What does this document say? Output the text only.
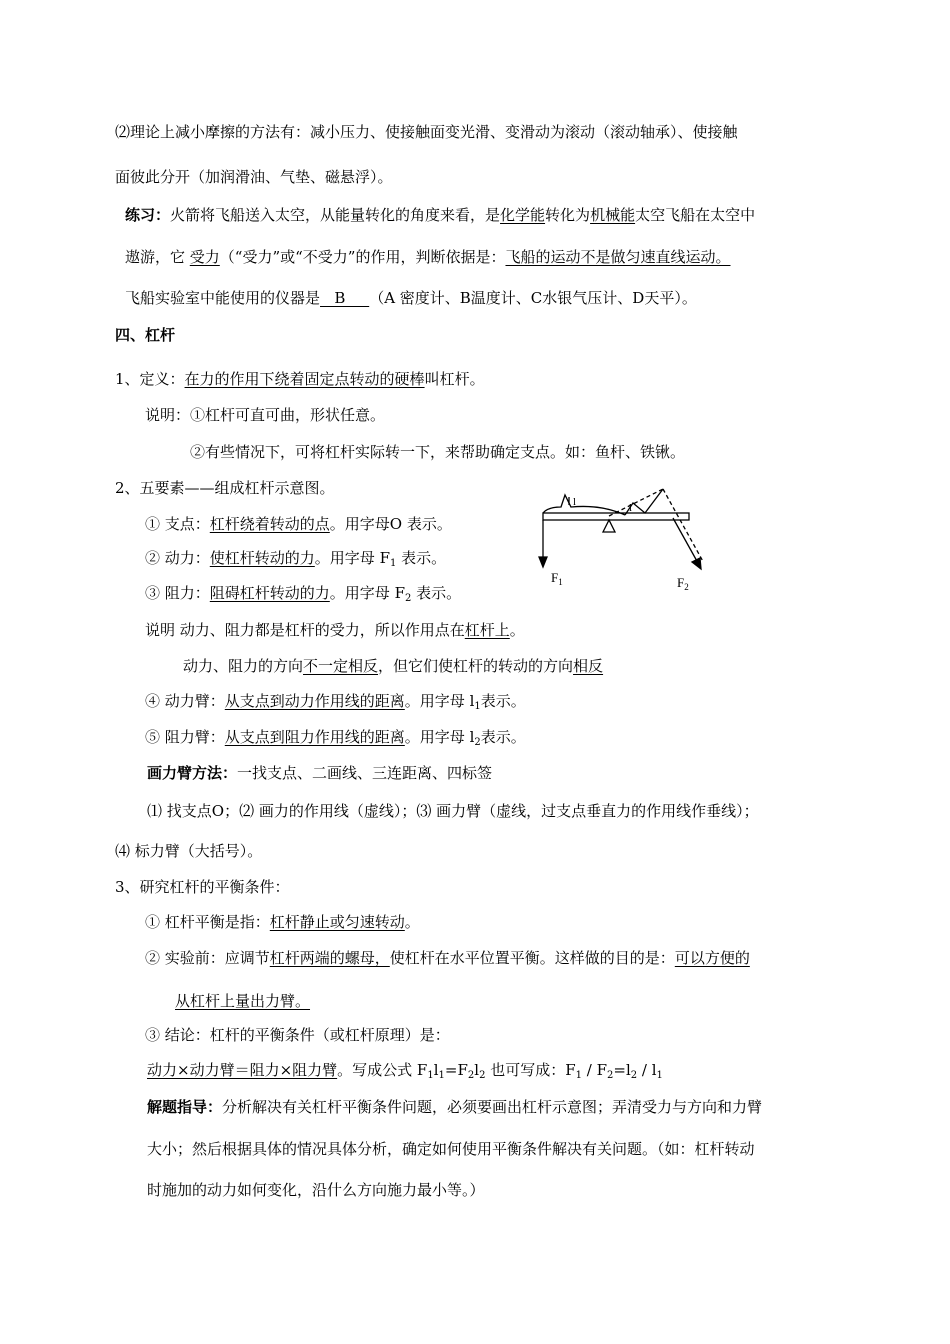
⑵理论上减小摩擦的方法有：减小压力、使接触面变光滑、变滑动为滚动（滚动轴承）、使接触
面彼此分开（加润滑油、气垫、磁悬浮）。
练习：火箭将飞船送入太空，从能量转化的角度来看，是化学能转化为机械能太空飞船在太空中
遨游，它 受力（“受力”或“不受力”的作用，判断依据是：飞船的运动不是做匀速直线运动。
飞船实验室中能使用的仪器是   B     （A 密度计、B温度计、C水银气压计、D天平）。
四、杠杆
1、定义：在力的作用下绕着固定点转动的硬棒叫杠杆。
说明：①杠杆可直可曲，形状任意。
②有些情况下，可将杠杆实际转一下，来帮助确定支点。如：鱼杆、铁锹。
2、五要素——组成杠杆示意图。
① 支点：杠杆绕着转动的点。用字母O 表示。
② 动力：使杠杆转动的力。用字母 $F_1$ 表示。
③ 阻力：阻碍杠杆转动的力。用字母 $F_2$ 表示。
说明 动力、阻力都是杠杆的受力，所以作用点在杠杆上。
动力、阻力的方向不一定相反，但它们使杠杆的转动的方向相反
④ 动力臂：从支点到动力作用线的距离。用字母 $l_1$表示。
⑤ 阻力臂：从支点到阻力作用线的距离。用字母 $l_2$表示。
l	l
$F_1$	$F_2$
画力臂方法：一找支点、二画线、三连距离、四标签
⑴ 找支点O；⑵ 画力的作用线（虚线）；⑶ 画力臂（虚线，过支点垂直力的作用线作垂线）；
⑷ 标力臂（大括号）。
3、研究杠杆的平衡条件：
① 杠杆平衡是指：杠杆静止或匀速转动。
② 实验前：应调节杠杆两端的螺母，使杠杆在水平位置平衡。这样做的目的是：可以方便的
从杠杆上量出力臂。
③ 结论：杠杆的平衡条件（或杠杆原理）是：
动力×动力臂＝阻力×阻力臂。写成公式 $F_1l_1=F_2l_2$ 也可写成：$F_1 / F_2=l_2 / l_1$
解题指导：分析解决有关杠杆平衡条件问题，必须要画出杠杆示意图；弄清受力与方向和力臂
大小；然后根据具体的情况具体分析，确定如何使用平衡条件解决有关问题。（如：杠杆转动
时施加的动力如何变化，沿什么方向施力最小等。）
